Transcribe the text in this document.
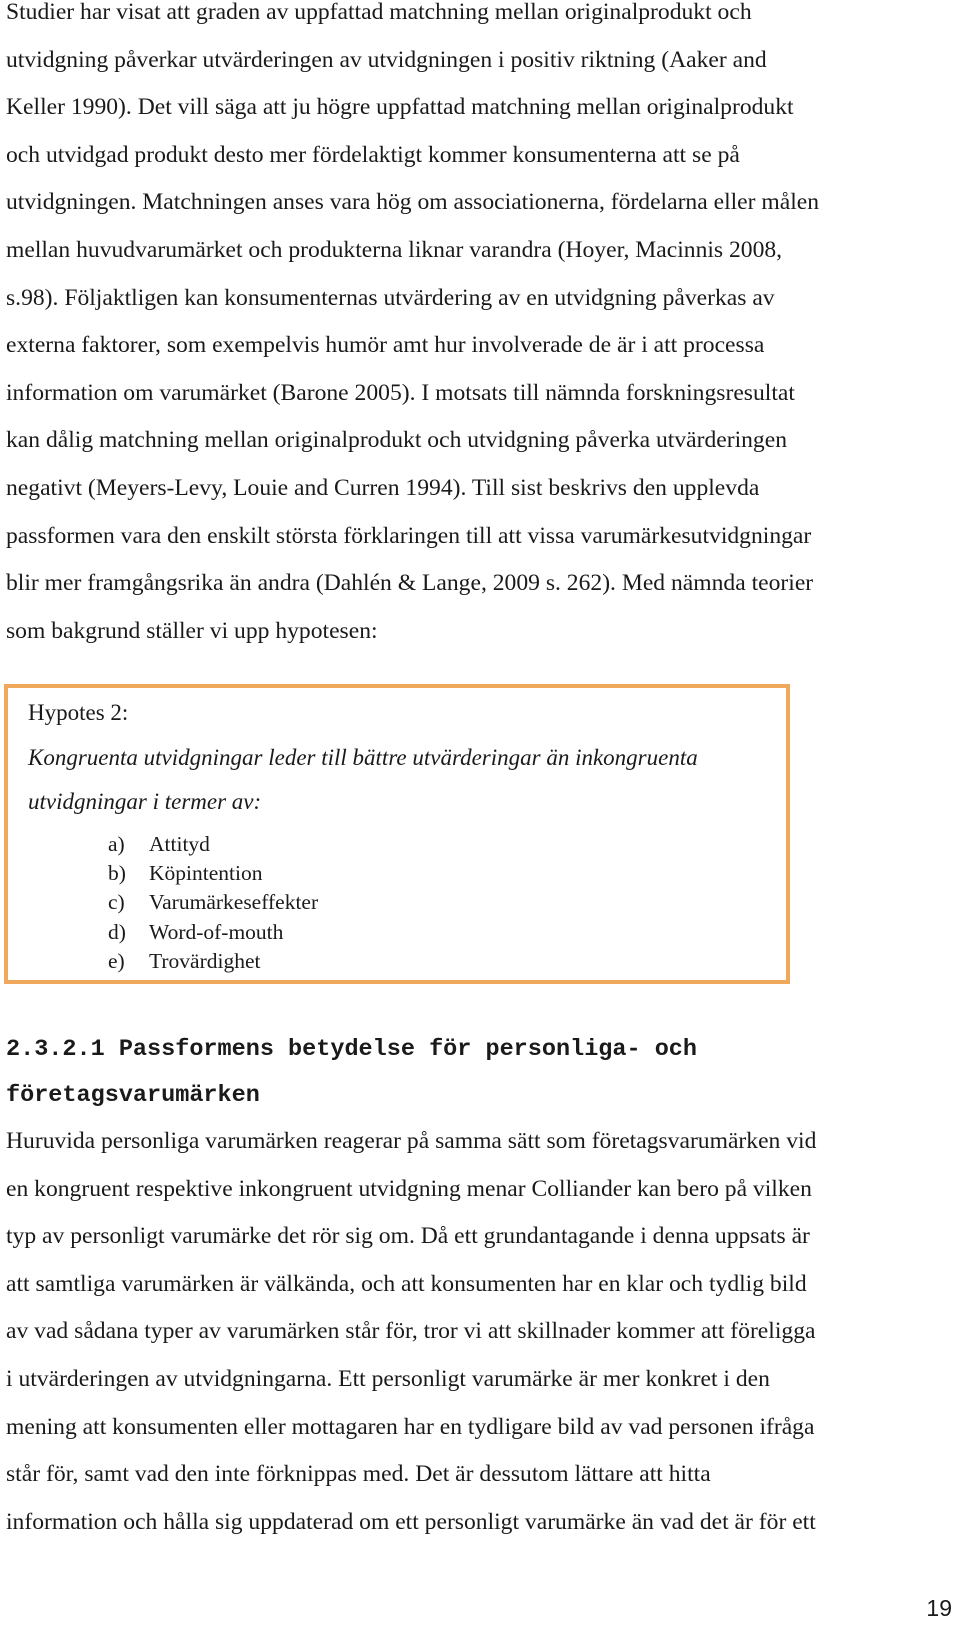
Studier har visat att graden av uppfattad matchning mellan originalprodukt och
utvidgning påverkar utvärderingen av utvidgningen i positiv riktning (Aaker and
Keller 1990). Det vill säga att ju högre uppfattad matchning mellan originalprodukt
och utvidgad produkt desto mer fördelaktigt kommer konsumenterna att se på
utvidgningen. Matchningen anses vara hög om associationerna, fördelarna eller målen
mellan huvudvarumärket och produkterna liknar varandra (Hoyer, Macinnis 2008,
s.98). Följaktligen kan konsumenternas utvärdering av en utvidgning påverkas av
externa faktorer, som exempelvis humör amt hur involverade de är i att processa
information om varumärket (Barone 2005). I motsats till nämnda forskningsresultat
kan dålig matchning mellan originalprodukt och utvidgning påverka utvärderingen
negativt (Meyers-Levy, Louie and Curren 1994). Till sist beskrivs den upplevda
passformen vara den enskilt största förklaringen till att vissa varumärkesutvidgningar
blir mer framgångsrika än andra (Dahlén & Lange, 2009 s. 262). Med nämnda teorier
som bakgrund ställer vi upp hypotesen:

Hypotes 2:

Kongruenta utvidgningar leder till bättre utvärderingar än inkongruenta
utvidgningar i termer av:

a) Attityd
b) Köpintention
c) Varumärkeseffekter
d) Word-of-mouth
e) Trovärdighet
2.3.2.1 Passformens betydelse för personliga- och
företagsvarumärken
Huruvida personliga varumärken reagerar på samma sätt som företagsvarumärken vid
en kongruent respektive inkongruent utvidgning menar Colliander kan bero på vilken
typ av personligt varumärke det rör sig om. Då ett grundantagande i denna uppsats är
att samtliga varumärken är välkända, och att konsumenten har en klar och tydlig bild
av vad sådana typer av varumärken står för, tror vi att skillnader kommer att föreligga
i utvärderingen av utvidgningarna. Ett personligt varumärke är mer konkret i den
mening att konsumenten eller mottagaren har en tydligare bild av vad personen ifråga
står för, samt vad den inte förknippas med. Det är dessutom lättare att hitta
information och hålla sig uppdaterad om ett personligt varumärke än vad det är för ett

19
